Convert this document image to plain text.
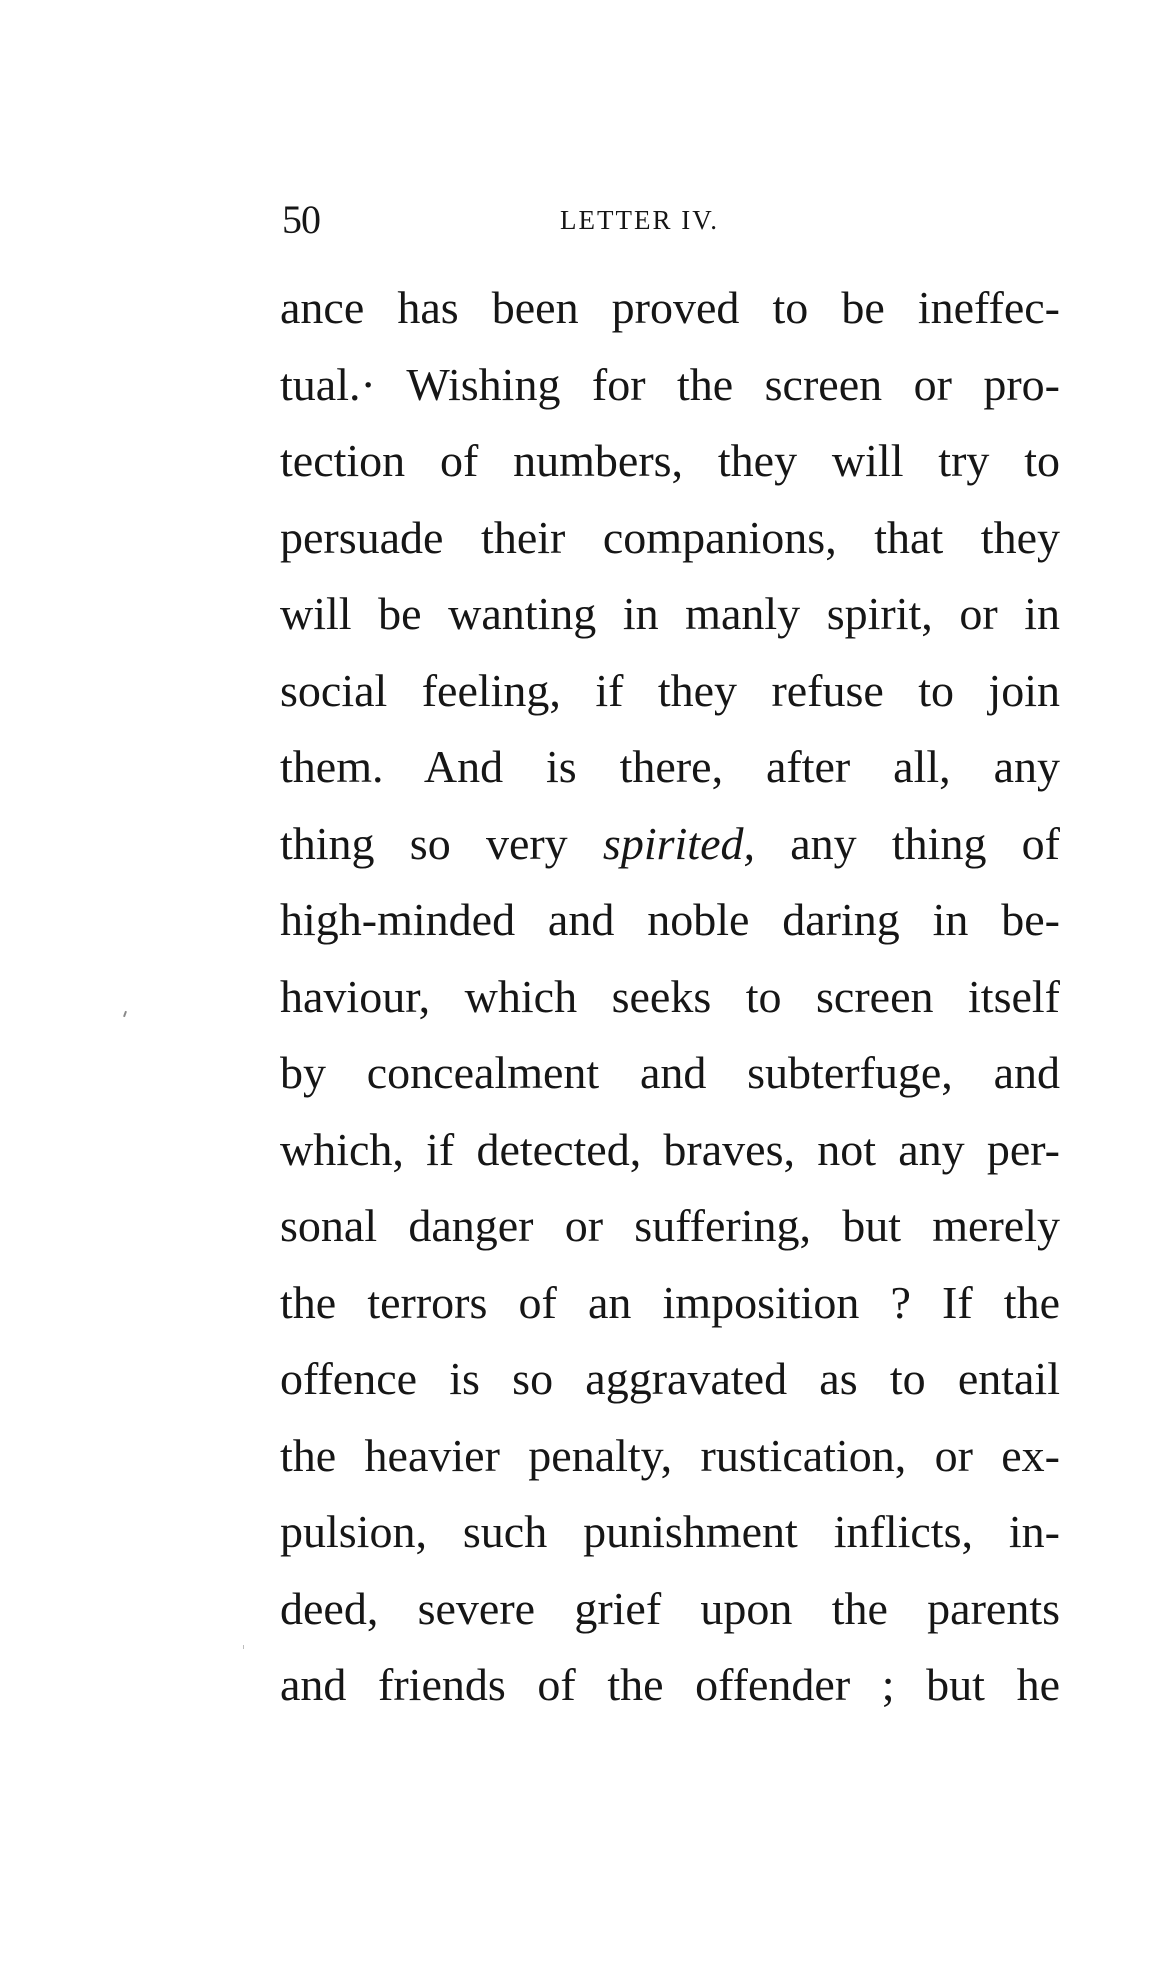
50	LETTER IV.
ance has been proved to be ineffec-
tual.· Wishing for the screen or pro-
tection of numbers, they will try to
persuade their companions, that they
will be wanting in manly spirit, or in
social feeling, if they refuse to join
them. And is there, after all, any
thing so very spirited, any thing of
high-minded and noble daring in be-
haviour, which seeks to screen itself
by concealment and subterfuge, and
which, if detected, braves, not any per-
sonal danger or suffering, but merely
the terrors of an imposition ? If the
offence is so aggravated as to entail
the heavier penalty, rustication, or ex-
pulsion, such punishment inflicts, in-
deed, severe grief upon the parents
and friends of the offender ; but he
